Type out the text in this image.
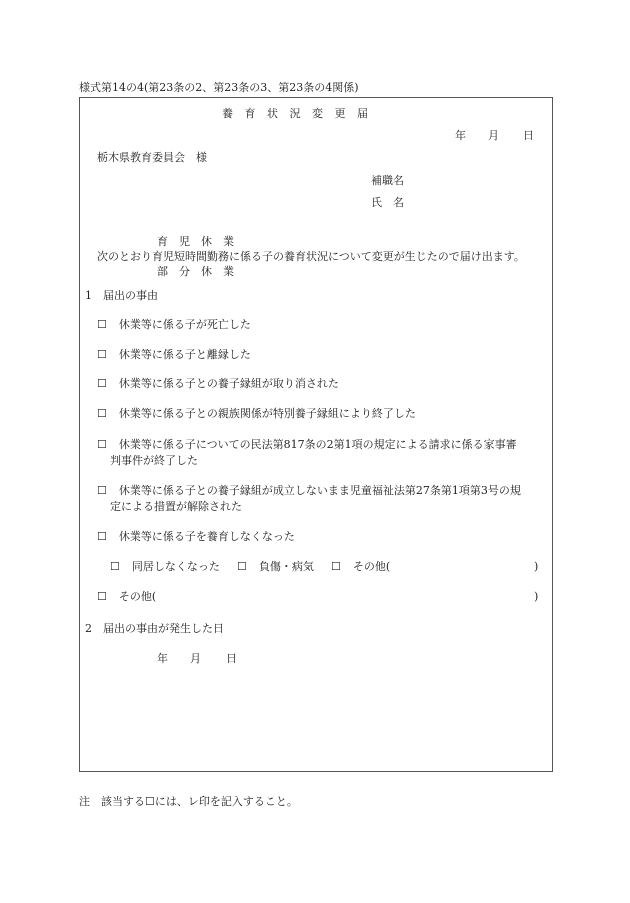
様式第14の4(第23条の2、第23条の3、第23条の4関係)
養 育 状 況 変 更 届
年 月 日
栃木県教育委員会　様
補職名
氏　名
育　児　休　業
次のとおり育児短時間勤務に係る子の養育状況について変更が生じたので届け出ます。
部　分　休　業
1　届出の事由
☐ 休業等に係る子が死亡した
☐ 休業等に係る子と離縁した
☐ 休業等に係る子との養子縁組が取り消された
☐ 休業等に係る子との親族関係が特別養子縁組により終了した
☐ 休業等に係る子についての民法第817条の2第1項の規定による請求に係る家事審
判事件が終了した
☐ 休業等に係る子との養子縁組が成立しないまま児童福祉法第27条第1項第3号の規
定による措置が解除された
☐ 休業等に係る子を養育しなくなった
☐ 同居しなくなった ☐ 負傷・病気 ☐ その他(	)
☐ その他(	)
2　届出の事由が発生した日
年 月 日
注　該当する☐には、レ印を記入すること。
